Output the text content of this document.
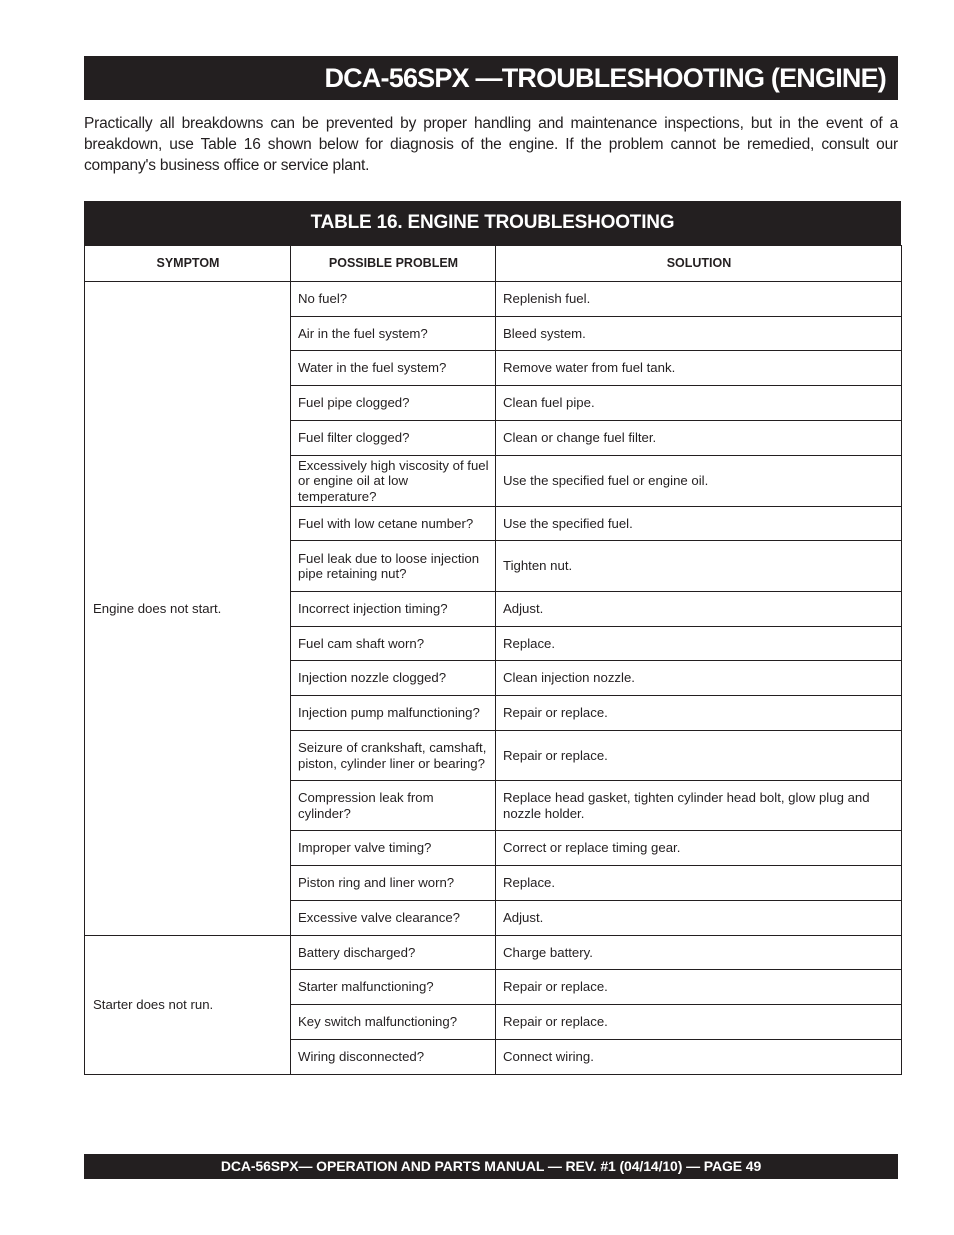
DCA-56SPX —TROUBLESHOOTING (ENGINE)

Practically all breakdowns can be prevented by proper handling and maintenance inspections, but in the event of a breakdown, use Table 16 shown below for diagnosis of the engine. If the problem cannot be remedied, consult our company's business office or service plant.

TABLE 16. ENGINE TROUBLESHOOTING
SYMPTOM	POSSIBLE PROBLEM	SOLUTION
Engine does not start.	No fuel?	Replenish fuel.
	Air in the fuel system?	Bleed system.
	Water in the fuel system?	Remove water from fuel tank.
	Fuel pipe clogged?	Clean fuel pipe.
	Fuel filter clogged?	Clean or change fuel filter.
	Excessively high viscosity of fuel or engine oil at low temperature?	Use the specified fuel or engine oil.
	Fuel with low cetane number?	Use the specified fuel.
	Fuel leak due to loose injection pipe retaining nut?	Tighten nut.
	Incorrect injection timing?	Adjust.
	Fuel cam shaft worn?	Replace.
	Injection nozzle clogged?	Clean injection nozzle.
	Injection pump malfunctioning?	Repair or replace.
	Seizure of crankshaft, camshaft, piston, cylinder liner or bearing?	Repair or replace.
	Compression leak from cylinder?	Replace head gasket, tighten cylinder head bolt, glow plug and nozzle holder.
	Improper valve timing?	Correct or replace timing gear.
	Piston ring and liner worn?	Replace.
	Excessive valve clearance?	Adjust.
Starter does not run.	Battery discharged?	Charge battery.
	Starter malfunctioning?	Repair or replace.
	Key switch malfunctioning?	Repair or replace.
	Wiring disconnected?	Connect wiring.
DCA-56SPX— OPERATION AND PARTS MANUAL — REV. #1 (04/14/10) — PAGE 49
